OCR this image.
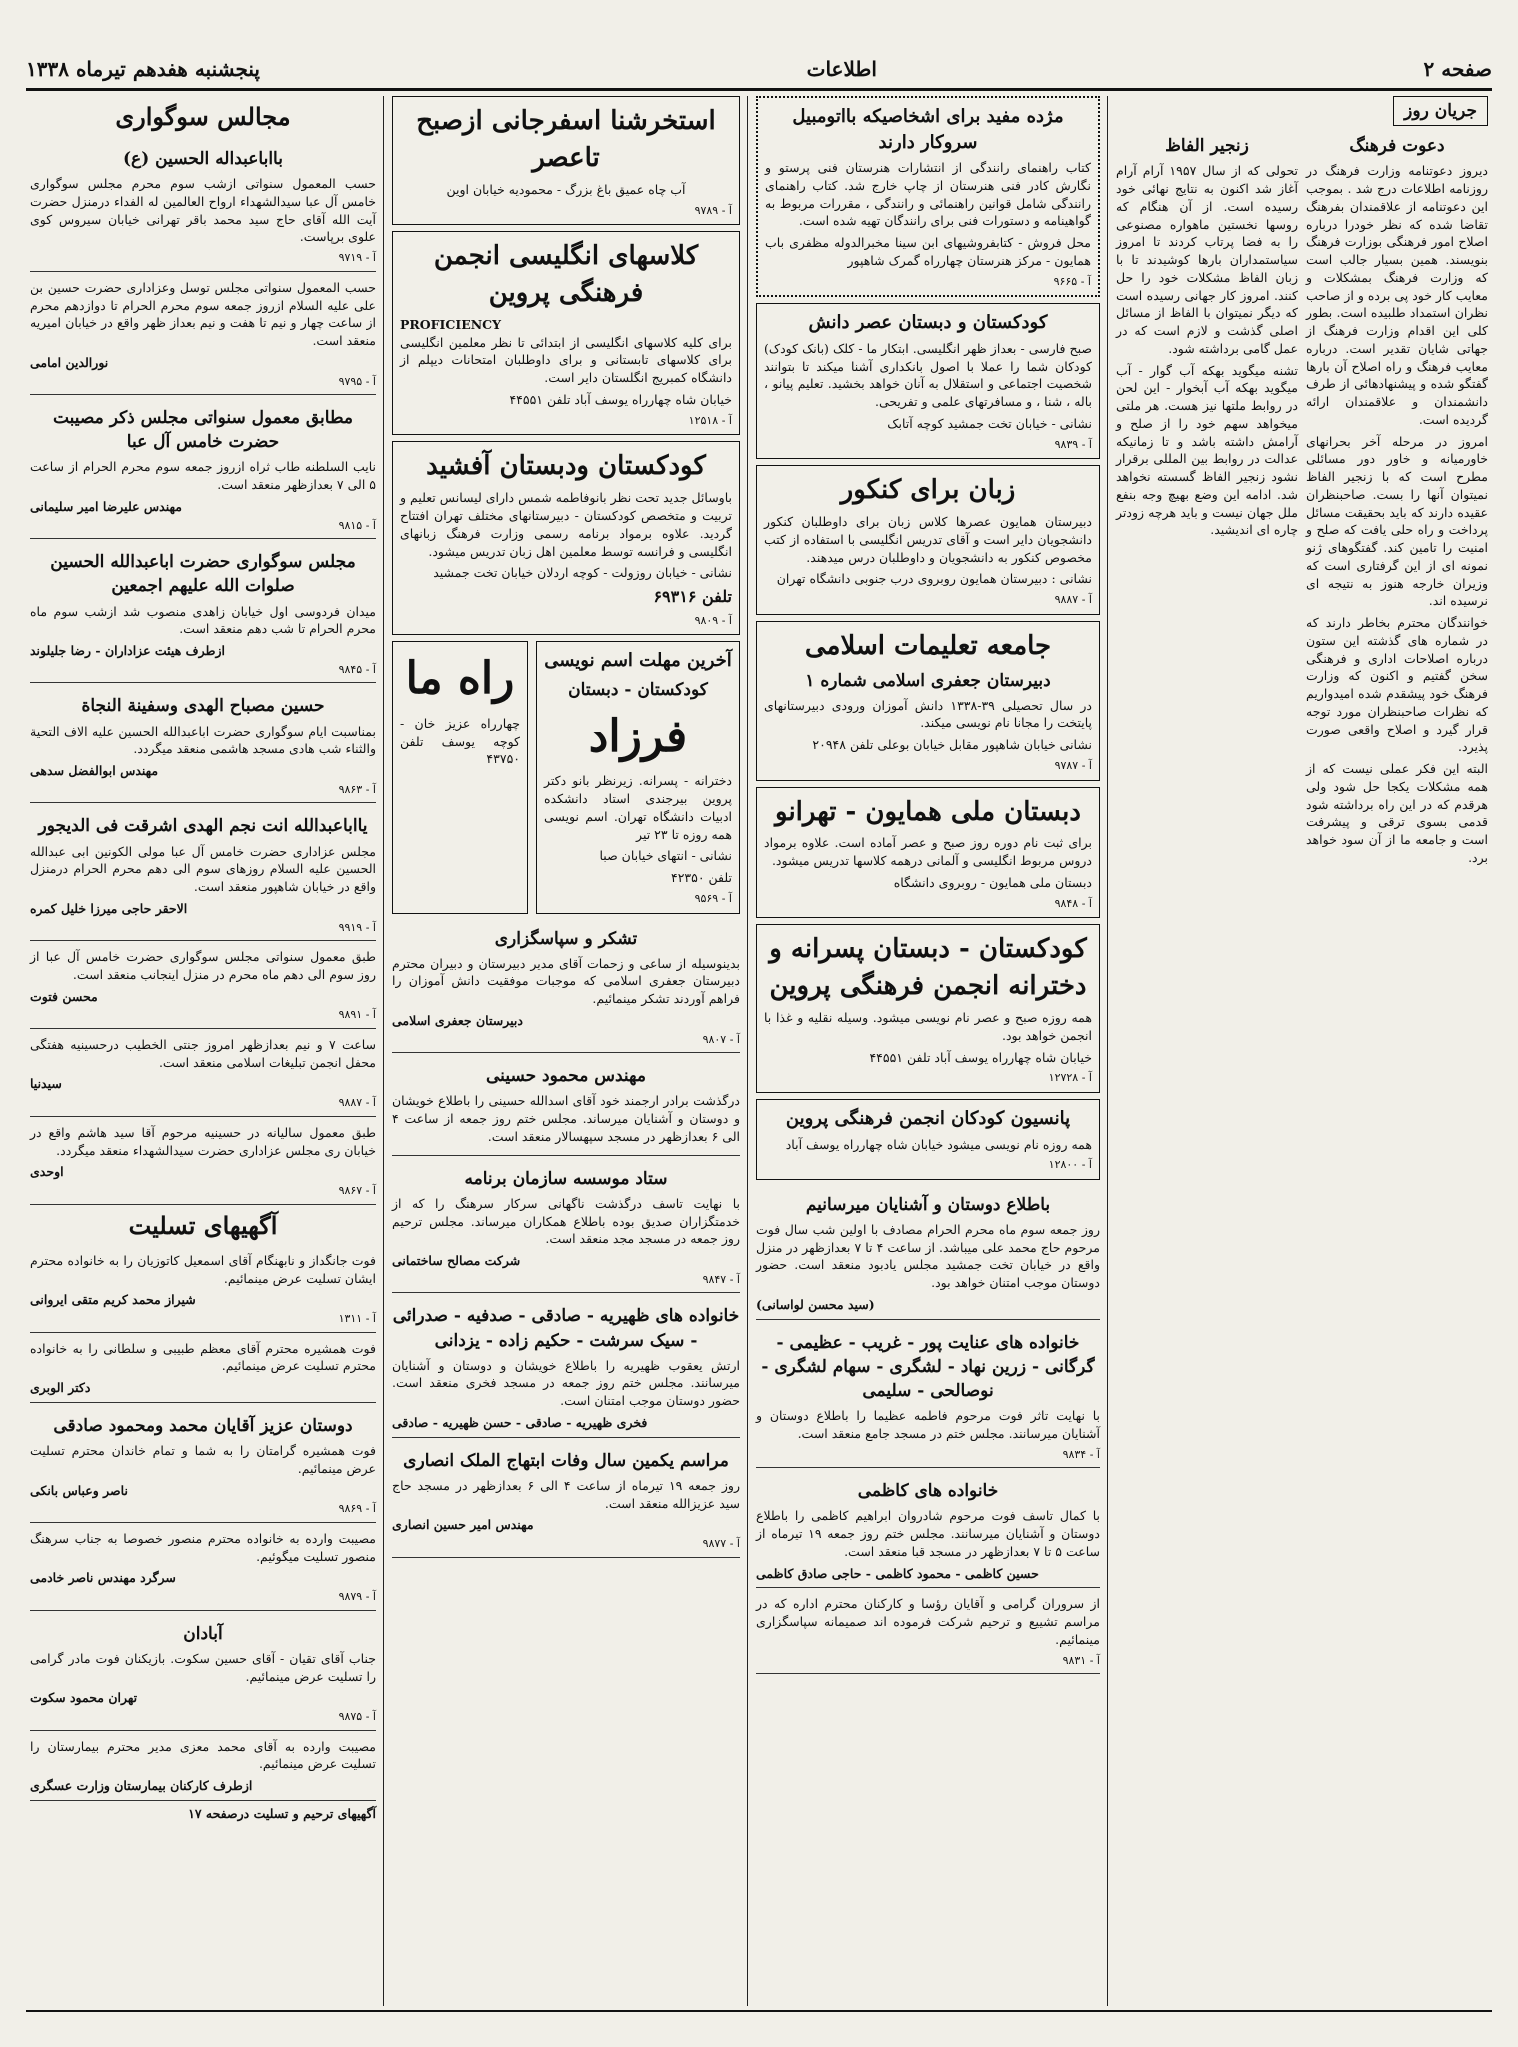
صفحه ۲
اطلاعات
پنجشنبه هفدهم تیرماه ۱۳۳۸
جریان روز
دعوت فرهنگ

دیروز دعوتنامه وزارت فرهنگ در روزنامه اطلاعات درج شد . بموجب این دعوتنامه از علاقمندان بفرهنگ تقاضا شده که نظر خودرا درباره اصلاح امور فرهنگی بوزارت فرهنگ بنویسند. همین بسیار جالب است که وزارت فرهنگ بمشکلات و معایب کار خود پی برده و از صاحب نظران استمداد طلبیده است. بطور کلی این اقدام وزارت فرهنگ از جهاتی شایان تقدیر است. درباره معایب فرهنگ و راه اصلاح آن بارها گفتگو شده و پیشنهادهائی از طرف دانشمندان و علاقمندان ارائه گردیده است.

امروز در مرحله آخر بحرانهای خاورمیانه و خاور دور مسائلی مطرح است که با زنجیر الفاظ نمیتوان آنها را بست. صاحبنظران عقیده دارند که باید بحقیقت مسائل پرداخت و راه حلی یافت که صلح و امنیت را تامین کند. گفتگوهای ژنو نمونه ای از این گرفتاری است که وزیران خارجه هنوز به نتیجه ای نرسیده اند.

خوانندگان محترم بخاطر دارند که در شماره های گذشته این ستون درباره اصلاحات اداری و فرهنگی سخن گفتیم و اکنون که وزارت فرهنگ خود پیشقدم شده امیدواریم که نظرات صاحبنظران مورد توجه قرار گیرد و اصلاح واقعی صورت پذیرد.

البته این فکر عملی نیست که از همه مشکلات یکجا حل شود ولی هرقدم که در این راه برداشته شود قدمی بسوی ترقی و پیشرفت است و جامعه ما از آن سود خواهد برد.

زنجیر الفاظ

تحولی که از سال ۱۹۵۷ آرام آرام آغاز شد اکنون به نتایج نهائی خود رسیده است. از آن هنگام که روسها نخستین ماهواره مصنوعی را به فضا پرتاب کردند تا امروز سیاستمداران بارها کوشیدند تا با زبان الفاظ مشکلات خود را حل کنند. امروز کار جهانی رسیده است که دیگر نمیتوان با الفاظ از مسائل اصلی گذشت و لازم است که در عمل گامی برداشته شود.

تشنه میگوید بهکه آب گوار - آب میگوید بهکه آب آبخوار - این لحن در روابط ملتها نیز هست. هر ملتی میخواهد سهم خود را از صلح و آرامش داشته باشد و تا زمانیکه عدالت در روابط بین المللی برقرار نشود زنجیر الفاظ گسسته نخواهد شد. ادامه این وضع بهیچ وجه بنفع ملل جهان نیست و باید هرچه زودتر چاره ای اندیشید.

مژده مفید برای اشخاصیکه بااتومبیل سروکار دارند

کتاب راهنمای رانندگی از انتشارات هنرستان فنی پرستو و نگارش کادر فنی هنرستان از چاپ خارج شد. کتاب راهنمای رانندگی شامل قوانین راهنمائی و رانندگی ، مقررات مربوط به گواهینامه و دستورات فنی برای رانندگان تهیه شده است.

محل فروش - کتابفروشیهای ابن سینا مخبرالدوله مظفری باب همایون - مرکز هنرستان چهارراه گمرک شاهپور

آ - ۹۶۶۵
کودکستان و دبستان عصر دانش

صبح فارسی - بعداز ظهر انگلیسی. ابتکار ما - کلک (بانک کودک) کودکان شما را عملا با اصول بانکداری آشنا میکند تا بتوانند شخصیت اجتماعی و استقلال به آنان خواهد بخشید. تعلیم پیانو ، باله ، شنا ، و مسافرتهای علمی و تفریحی.

نشانی - خیابان تخت جمشید کوچه آتابک

آ - ۹۸۳۹
زبان برای کنکور

دبیرستان همایون عصرها کلاس زبان برای داوطلبان کنکور دانشجویان دایر است و آقای تدریس انگلیسی با استفاده از کتب مخصوص کنکور به دانشجویان و داوطلبان درس میدهند.

نشانی : دبیرستان همایون روبروی درب جنوبی دانشگاه تهران

آ - ۹۸۸۷
جامعه تعلیمات اسلامی
دبیرستان جعفری اسلامی شماره ۱

در سال تحصیلی ۳۹-۱۳۳۸ دانش آموزان ورودی دبیرستانهای پایتخت را مجانا نام نویسی میکند.

نشانی خیابان شاهپور مقابل خیابان بوعلی تلفن ۲۰۹۴۸

آ - ۹۷۸۷
دبستان ملی همایون - تهرانو

برای ثبت نام دوره روز صبح و عصر آماده است. علاوه برمواد دروس مربوط انگلیسی و آلمانی درهمه کلاسها تدریس میشود.

دبستان ملی همایون - روبروی دانشگاه

آ - ۹۸۴۸
کودکستان - دبستان پسرانه و دخترانه انجمن فرهنگی پروین

همه روزه صبح و عصر نام نویسی میشود. وسیله نقلیه و غذا با انجمن خواهد بود.

خیابان شاه چهارراه یوسف آباد تلفن ۴۴۵۵۱

آ - ۱۲۷۲۸
پانسیون کودکان انجمن فرهنگی پروین

همه روزه نام نویسی میشود خیابان شاه چهارراه یوسف آباد

آ - ۱۲۸۰۰
باطلاع دوستان و آشنایان میرسانیم

روز جمعه سوم ماه محرم الحرام مصادف با اولین شب سال فوت مرحوم حاج محمد علی میباشد. از ساعت ۴ تا ۷ بعدازظهر در منزل واقع در خیابان تخت جمشید مجلس یادبود منعقد است. حضور دوستان موجب امتنان خواهد بود.

(سید محسن لواسانی)
خانواده های عنایت پور - غریب - عظیمی - گرگانی - زرین نهاد - لشگری - سهام لشگری - نوصالحی - سلیمی

با نهایت تاثر فوت مرحوم فاطمه عظیما را باطلاع دوستان و آشنایان میرسانند. مجلس ختم در مسجد جامع منعقد است.

آ - ۹۸۳۴
خانواده های کاظمی

با کمال تاسف فوت مرحوم شادروان ابراهیم کاظمی را باطلاع دوستان و آشنایان میرسانند. مجلس ختم روز جمعه ۱۹ تیرماه از ساعت ۵ تا ۷ بعدازظهر در مسجد قبا منعقد است.

حسین کاظمی - محمود کاظمی - حاجی صادق کاظمی

از سروران گرامی و آقایان رؤسا و کارکنان محترم اداره که در مراسم تشییع و ترحیم شرکت فرموده اند صمیمانه سپاسگزاری مینمائیم.

آ - ۹۸۳۱
استخرشنا اسفرجانی ازصبح تاعصر

آب چاه عمیق باغ بزرگ - محمودیه خیابان اوین

آ - ۹۷۸۹
کلاسهای انگلیسی انجمن فرهنگی پروین
PROFICIENCY

برای کلیه کلاسهای انگلیسی از ابتدائی تا نظر معلمین انگلیسی برای کلاسهای تابستانی و برای داوطلبان امتحانات دیپلم از دانشگاه کمبریج انگلستان دایر است.

خیابان شاه چهارراه یوسف آباد تلفن ۴۴۵۵۱

آ - ۱۲۵۱۸
کودکستان ودبستان آفشید

باوسائل جدید تحت نظر بانوفاطمه شمس دارای لیسانس تعلیم و تربیت و متخصص کودکستان - دبیرستانهای مختلف تهران افتتاح گردید. علاوه برمواد برنامه رسمی وزارت فرهنگ زبانهای انگلیسی و فرانسه توسط معلمین اهل زبان تدریس میشود.

نشانی - خیابان روزولت - کوچه اردلان خیابان تخت جمشید

تلفن ۶۹۳۱۶

آ - ۹۸۰۹
آخرین مهلت اسم نویسی
کودکستان - دبستان
فرزاد

دخترانه - پسرانه. زیرنظر بانو دکتر پروین بیرجندی استاد دانشکده ادبیات دانشگاه تهران. اسم نویسی همه روزه تا ۲۳ تیر

نشانی - انتهای خیابان صبا

تلفن ۴۲۳۵۰

آ - ۹۵۶۹
راه ما

چهارراه عزیز خان - کوچه یوسف تلفن ۴۳۷۵۰

تشکر و سپاسگزاری

بدینوسیله از ساعی و زحمات آقای مدیر دبیرستان و دبیران محترم دبیرستان جعفری اسلامی که موجبات موفقیت دانش آموزان را فراهم آوردند تشکر مینمائیم.

دبیرستان جعفری اسلامی
آ - ۹۸۰۷
مهندس محمود حسینی

درگذشت برادر ارجمند خود آقای اسدالله حسینی را باطلاع خویشان و دوستان و آشنایان میرساند. مجلس ختم روز جمعه از ساعت ۴ الی ۶ بعدازظهر در مسجد سپهسالار منعقد است.

ستاد موسسه سازمان برنامه

با نهایت تاسف درگذشت ناگهانی سرکار سرهنگ را که از خدمتگزاران صدیق بوده باطلاع همکاران میرساند. مجلس ترحیم روز جمعه در مسجد مجد منعقد است.

شرکت مصالح ساختمانی
آ - ۹۸۴۷
خانواده های ظهیریه - صادقی - صدفیه - صدرائی - سیک سرشت - حکیم زاده - یزدانی

ارتش یعقوب ظهیریه را باطلاع خویشان و دوستان و آشنایان میرسانند. مجلس ختم روز جمعه در مسجد فخری منعقد است. حضور دوستان موجب امتنان است.

فخری ظهیریه - صادقی - حسن ظهیریه - صادقی
مراسم یکمین سال وفات ابتهاج الملک انصاری

روز جمعه ۱۹ تیرماه از ساعت ۴ الی ۶ بعدازظهر در مسجد حاج سید عزیزالله منعقد است.

مهندس امیر حسین انصاری
آ - ۹۸۷۷
مجالس سوگواری
بااباعبداله الحسین (ع)

حسب المعمول سنواتی ازشب سوم محرم مجلس سوگواری خامس آل عبا سیدالشهداء ارواح العالمین له الفداء درمنزل حضرت آیت الله آقای حاج سید محمد باقر تهرانی خیابان سیروس کوی علوی برپاست.

آ - ۹۷۱۹

حسب المعمول سنواتی مجلس توسل وعزاداری حضرت حسین بن علی علیه السلام ازروز جمعه سوم محرم الحرام تا دوازدهم محرم از ساعت چهار و نیم تا هفت و نیم بعداز ظهر واقع در خیابان امیریه منعقد است.

نورالدین امامی
آ - ۹۷۹۵
مطابق معمول سنواتی مجلس ذکر مصیبت حضرت خامس آل عبا

نایب السلطنه طاب ثراه ازروز جمعه سوم محرم الحرام از ساعت ۵ الی ۷ بعدازظهر منعقد است.

مهندس علیرضا امیر سلیمانی
آ - ۹۸۱۵
مجلس سوگواری حضرت اباعبدالله الحسین صلوات الله علیهم اجمعین

میدان فردوسی اول خیابان زاهدی منصوب شد ازشب سوم ماه محرم الحرام تا شب دهم منعقد است.

ازطرف هیئت عزاداران - رضا جلیلوند
آ - ۹۸۴۵
حسین مصباح الهدی وسفینة النجاة

بمناسبت ایام سوگواری حضرت اباعبدالله الحسین علیه الاف التحیة والثناء شب هادی مسجد هاشمی منعقد میگردد.

مهندس ابوالفضل سدهی
آ - ۹۸۶۳
یااباعبدالله انت نجم الهدی اشرقت فی الدیجور

مجلس عزاداری حضرت خامس آل عبا مولی الکونین ابی عبدالله الحسین علیه السلام روزهای سوم الی دهم محرم الحرام درمنزل واقع در خیابان شاهپور منعقد است.

الاحقر حاجی میرزا خلیل کمره
آ - ۹۹۱۹

طبق معمول سنواتی مجلس سوگواری حضرت خامس آل عبا از روز سوم الی دهم ماه محرم در منزل اینجانب منعقد است.

محسن فتوت
آ - ۹۸۹۱

ساعت ۷ و نیم بعدازظهر امروز جنتی الخطیب درحسینیه هفتگی محفل انجمن تبلیغات اسلامی منعقد است.

سیدنیا
آ - ۹۸۸۷

طبق معمول سالیانه در حسینیه مرحوم آقا سید هاشم واقع در خیابان ری مجلس عزاداری حضرت سیدالشهداء منعقد میگردد.

اوحدی
آ - ۹۸۶۷
آگهیهای تسلیت

فوت جانگداز و نابهنگام آقای اسمعیل کاتوزیان را به خانواده محترم ایشان تسلیت عرض مینمائیم.

شیراز محمد کریم متقی ایروانی
آ - ۱۳۱۱

فوت همشیره محترم آقای معظم طبیبی و سلطانی را به خانواده محترم تسلیت عرض مینمائیم.

دکتر الوبری
دوستان عزیز آقایان محمد ومحمود صادقی

فوت همشیره گرامتان را به شما و تمام خاندان محترم تسلیت عرض مینمائیم.

ناصر وعباس بانکی
آ - ۹۸۶۹

مصیبت وارده به خانواده محترم منصور خصوصا به جناب سرهنگ منصور تسلیت میگوئیم.

سرگرد مهندس ناصر خادمی
آ - ۹۸۷۹
آبادان

جناب آقای تقیان - آقای حسین سکوت. بازیکنان فوت مادر گرامی را تسلیت عرض مینمائیم.

تهران محمود سکوت
آ - ۹۸۷۵

مصیبت وارده به آقای محمد معزی مدیر محترم بیمارستان را تسلیت عرض مینمائیم.

ازطرف کارکنان بیمارستان وزارت عسگری
آگهیهای ترحیم و تسلیت درصفحه ۱۷
